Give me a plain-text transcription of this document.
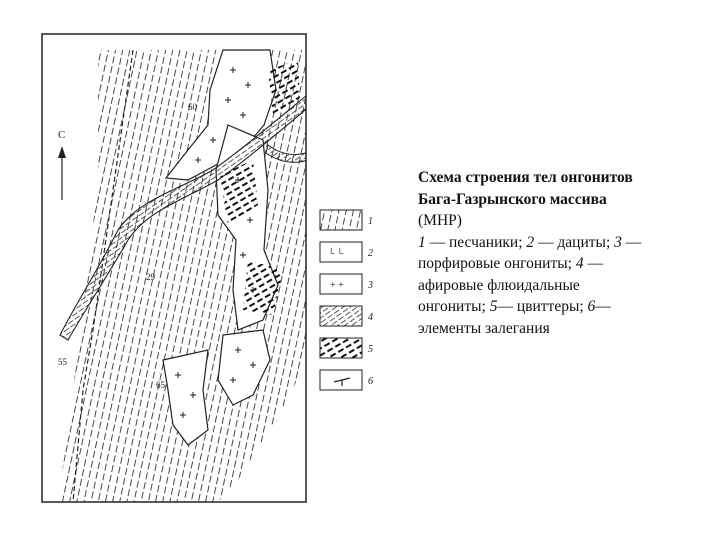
С
60
29
55
65
1
└ └ 2
+ + 3
4
5
6
Схема строения тел онгонитов
Бага-Газрынского массива
(МНР)
1 — песчаники; 2 — дациты; 3 —
порфировые онгониты; 4 —
афировые флюидальные
онгониты; 5— цвиттеры; 6—
элементы залегания
